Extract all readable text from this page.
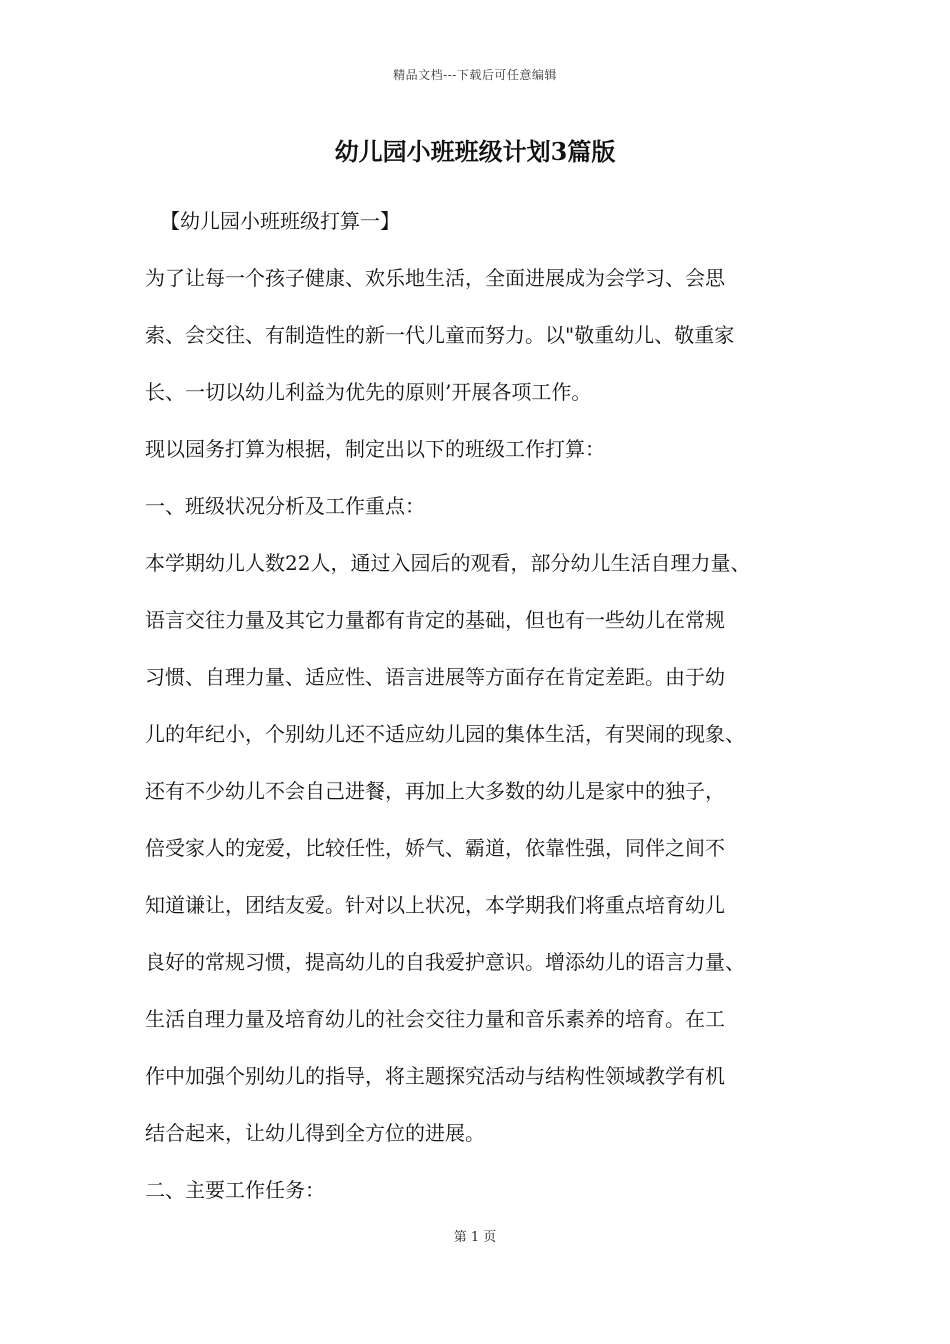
精品文档---下载后可任意编辑
幼儿园小班班级计划3篇版

【幼儿园小班班级打算一】

为了让每一个孩子健康、欢乐地生活，全面进展成为会学习、会思
索、会交往、有制造性的新一代儿童而努力。以"敬重幼儿、敬重家
长、一切以幼儿利益为优先的原则’开展各项工作。
现以园务打算为根据，制定出以下的班级工作打算：
一、班级状况分析及工作重点：
本学期幼儿人数22人，通过入园后的观看，部分幼儿生活自理力量、
语言交往力量及其它力量都有肯定的基础，但也有一些幼儿在常规
习惯、自理力量、适应性、语言进展等方面存在肯定差距。由于幼
儿的年纪小，个别幼儿还不适应幼儿园的集体生活，有哭闹的现象、
还有不少幼儿不会自己进餐，再加上大多数的幼儿是家中的独子，
倍受家人的宠爱，比较任性，娇气、霸道，依靠性强，同伴之间不
知道谦让，团结友爱。针对以上状况，本学期我们将重点培育幼儿
良好的常规习惯，提高幼儿的自我爱护意识。增添幼儿的语言力量、
生活自理力量及培育幼儿的社会交往力量和音乐素养的培育。在工
作中加强个别幼儿的指导，将主题探究活动与结构性领域教学有机
结合起来，让幼儿得到全方位的进展。
二、主要工作任务：
第 1 页
